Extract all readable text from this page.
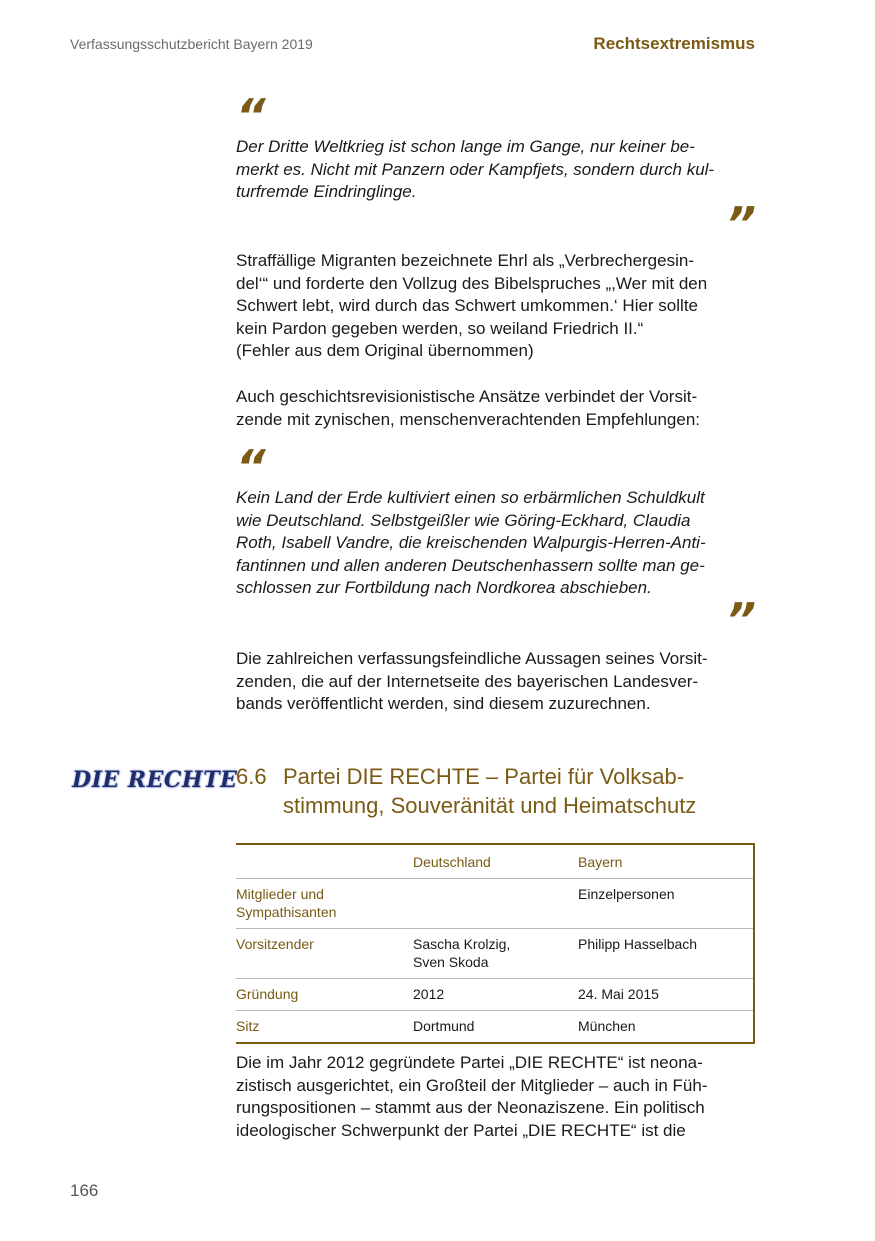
Verfassungsschutzbericht Bayern 2019	Rechtsextremismus
“

Der Dritte Weltkrieg ist schon lange im Gange, nur keiner be-
merkt es. Nicht mit Panzern oder Kampfjets, sondern durch kul-
turfremde Eindringlinge.

”

Straffällige Migranten bezeichnete Ehrl als „Verbrechergesin-
del‘“ und forderte den Vollzug des Bibelspruches „,Wer mit den
Schwert lebt, wird durch das Schwert umkommen.‘ Hier sollte
kein Pardon gegeben werden, so weiland Friedrich II.“
(Fehler aus dem Original übernommen)

Auch geschichtsrevisionistische Ansätze verbindet der Vorsit-
zende mit zynischen, menschenverachtenden Empfehlungen:

“

Kein Land der Erde kultiviert einen so erbärmlichen Schuldkult
wie Deutschland. Selbstgeißler wie Göring-Eckhard, Claudia
Roth, Isabell Vandre, die kreischenden Walpurgis-Herren-Anti-
fantinnen und allen anderen Deutschenhassern sollte man ge-
schlossen zur Fortbildung nach Nordkorea abschieben.

”

Die zahlreichen verfassungsfeindliche Aussagen seines Vorsit-
zenden, die auf der Internetseite des bayerischen Landesver-
bands veröffentlicht werden, sind diesem zuzurechnen.

DIE RECHTE
6.6 Partei DIE RECHTE – Partei für Volksab-
stimmung, Souveränität und Heimatschutz
	Deutschland	Bayern
Mitglieder und
Sympathisanten		Einzelpersonen
Vorsitzender	Sascha Krolzig,
Sven Skoda	Philipp Hasselbach
Gründung	2012	24. Mai 2015
Sitz	Dortmund	München

Die im Jahr 2012 gegründete Partei „DIE RECHTE“ ist neona-
zistisch ausgerichtet, ein Großteil der Mitglieder – auch in Füh-
rungspositionen – stammt aus der Neonaziszene. Ein politisch
ideologischer Schwerpunkt der Partei „DIE RECHTE“ ist die

166
